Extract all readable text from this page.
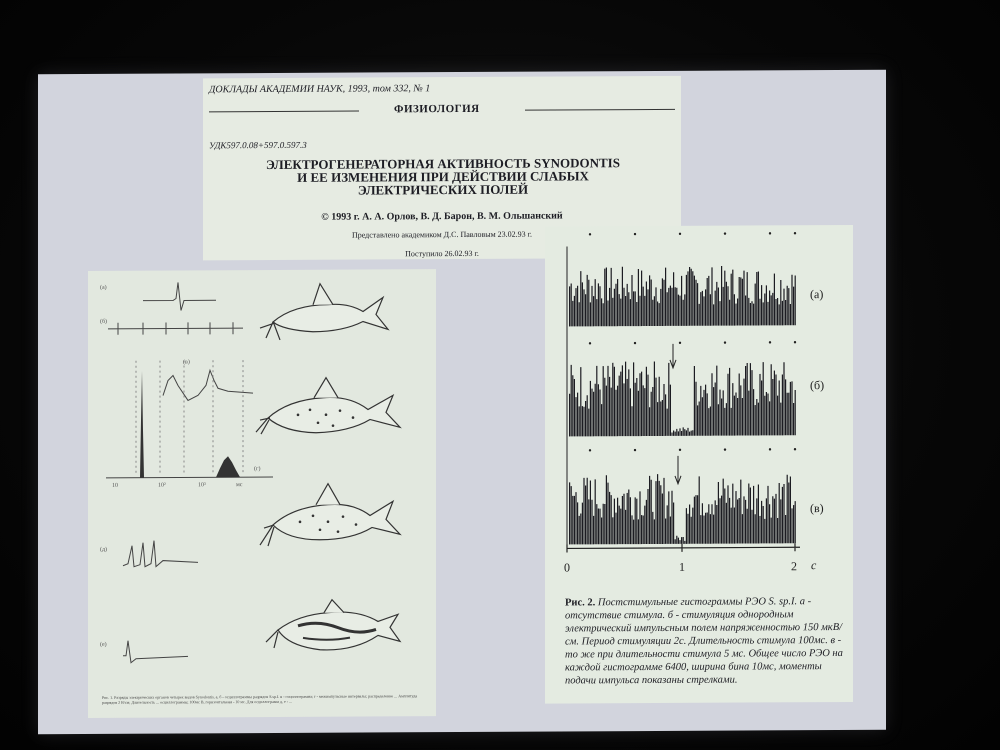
ДОКЛАДЫ АКАДЕМИИ НАУК, 1993, том 332, № 1
ФИЗИОЛОГИЯ
УДК597.0.08+597.0.597.3
ЭЛЕКТРОГЕНЕРАТОРНАЯ АКТИВНОСТЬ SYNODONTIS
И ЕЕ ИЗМЕНЕНИЯ ПРИ ДЕЙСТВИИ СЛАБЫХ
ЭЛЕКТРИЧЕСКИХ ПОЛЕЙ
© 1993 г. А. А. Орлов, В. Д. Барон, В. М. Ольшанский
Представлено академиком Д.С. Павловым 23.02.93 г.
Поступило 26.02.93 г.
10	10²	10³	мс
(a)
(б)
(в)
(г)
(д)
(е)
Рис. 1. Разряды электрических органов четырех видов Synodontis, а, б - осциллограммы разрядов S.sp.I. в - осциллограмма; г - межимпульсные интервалы; распределение ... Амплитуда разрядов 2 В/см; Длительность ... осциллограммы; 100мс В, горизонтальная - 10 мс. Для осциллограмм д, е - ...
(а)
(б)
(в)
0	1	2 с
Рис. 2. Постстимульные гистограммы РЭО S. sp.I. а - отсутствие стимула. б - стимуляция однородным электрический импульсным полем напряженностью 150 мкВ/см. Период стимуляции 2с. Длительность стимула 100мс. в - то же при длительности стимула 5 мс. Общее число РЭО на каждой гистограмме 6400, ширина бина 10мс, моменты подачи импульса показаны стрелками.
